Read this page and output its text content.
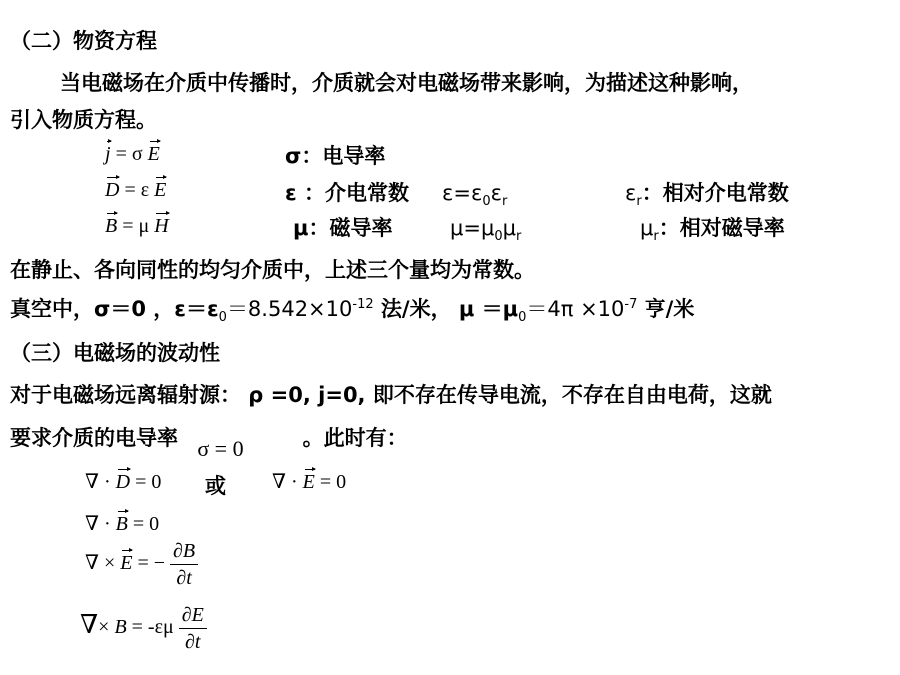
（二）物资方程
当电磁场在介质中传播时，介质就会对电磁场带来影响，为描述这种影响，
引入物质方程。
j = σ E
D = ε E
B = μ H
σ：电导率
ε ：介电常数 $\varepsilon=\varepsilon_0\varepsilon_r$	$\varepsilon_r$：相对介电常数
μ：磁导率	$\mu=\mu_0\mu_r$	$\mu_r$：相对磁导率
在静止、各向同性的均匀介质中，上述三个量均为常数。
真空中，σ＝0 ，$\varepsilon=\varepsilon_0=8.542\times 10^{-12}$ 法/米， $\mu =\mu_0=4\pi \times 10^{-7}$ 亨/米
（三）电磁场的波动性
对于电磁场远离辐射源： ρ =0, j=0, 即不存在传导电流，不存在自由电荷，这就
要求介质的电导率 σ = 0	。此时有：
∇ · D = 0 或 ∇ · E = 0
∇ · B = 0
∇ × E = − $\frac{\partial B}{\partial t}$
∇× $B = -\varepsilon\mu \frac{\partial E}{\partial t}$
